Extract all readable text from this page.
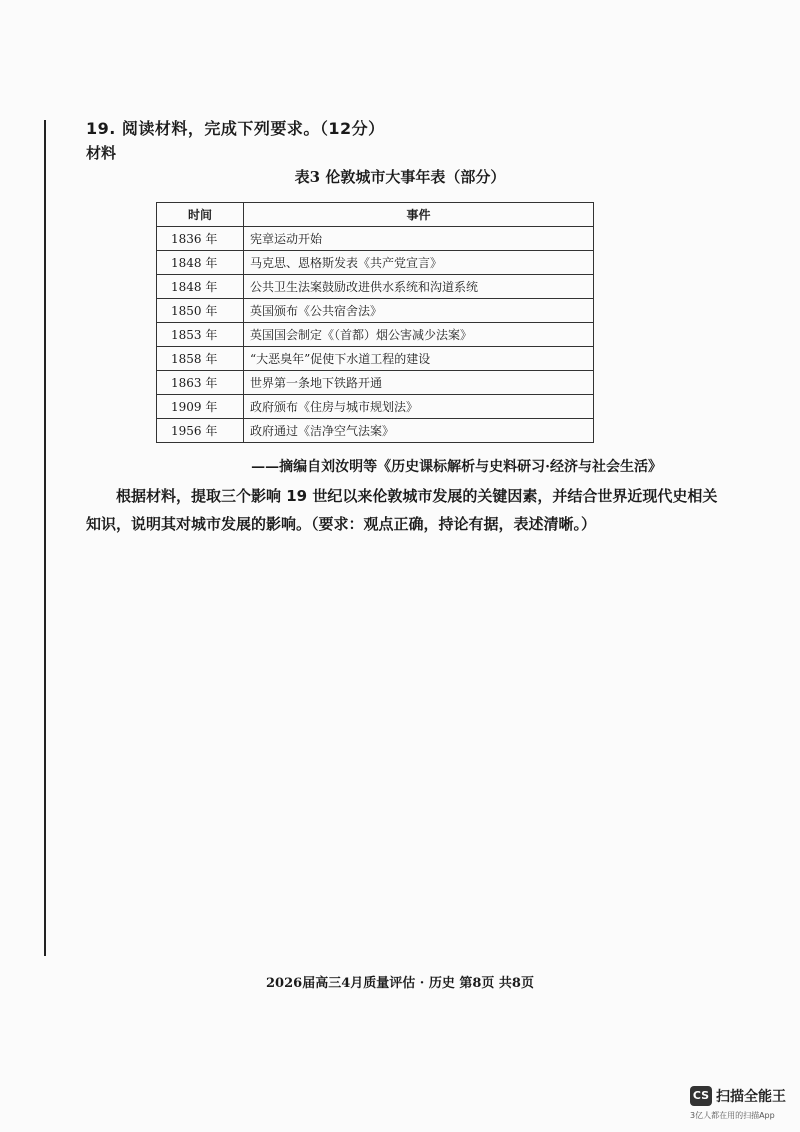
19. 阅读材料，完成下列要求。（12分）
材料
表3 伦敦城市大事年表（部分）
时间	事件
1836 年	宪章运动开始
1848 年	马克思、恩格斯发表《共产党宣言》
1848 年	公共卫生法案鼓励改进供水系统和沟道系统
1850 年	英国颁布《公共宿舍法》
1853 年	英国国会制定《（首都）烟公害减少法案》
1858 年	“大恶臭年”促使下水道工程的建设
1863 年	世界第一条地下铁路开通
1909 年	政府颁布《住房与城市规划法》
1956 年	政府通过《洁净空气法案》
——摘编自刘汝明等《历史课标解析与史料研习·经济与社会生活》
根据材料，提取三个影响 19 世纪以来伦敦城市发展的关键因素，并结合世界近现代史相关知识，说明其对城市发展的影响。（要求：观点正确，持论有据，表述清晰。）
2026届高三4月质量评估 · 历史 第8页 共8页
CS 扫描全能王
3亿人都在用的扫描App
